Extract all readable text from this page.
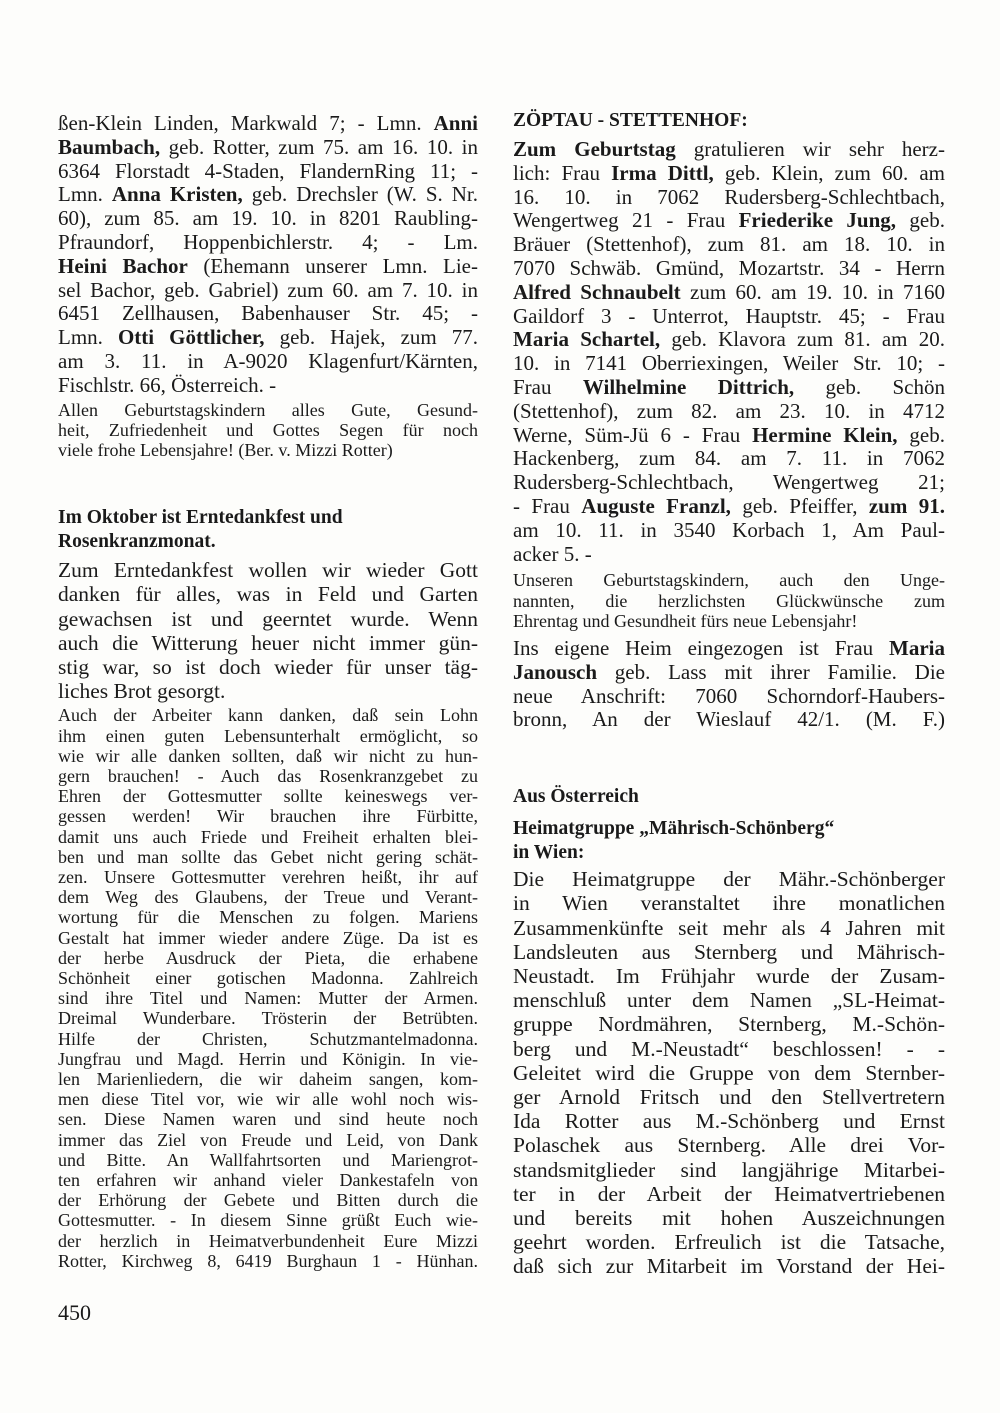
ßen-Klein Linden, Markwald 7; - Lmn. Anni
Baumbach, geb. Rotter, zum 75. am 16. 10. in
6364 Florstadt 4-Staden, FlandernRing 11; -
Lmn. Anna Kristen, geb. Drechsler (W. S. Nr.
60), zum 85. am 19. 10. in 8201 Raubling-
Pfraundorf, Hoppenbichlerstr. 4; - Lm.
Heini Bachor (Ehemann unserer Lmn. Lie-
sel Bachor, geb. Gabriel) zum 60. am 7. 10. in
6451 Zellhausen, Babenhauser Str. 45; -
Lmn. Otti Göttlicher, geb. Hajek, zum 77.
am 3. 11. in A-9020 Klagenfurt/Kärnten,
Fischlstr. 66, Österreich. -
Allen Geburtstagskindern alles Gute, Gesund-
heit, Zufriedenheit und Gottes Segen für noch
viele frohe Lebensjahre! (Ber. v. Mizzi Rotter)
Im Oktober ist Erntedankfest und
Rosenkranzmonat.
Zum Erntedankfest wollen wir wieder Gott
danken für alles, was in Feld und Garten
gewachsen ist und geerntet wurde. Wenn
auch die Witterung heuer nicht immer gün-
stig war, so ist doch wieder für unser täg-
liches Brot gesorgt.
Auch der Arbeiter kann danken, daß sein Lohn
ihm einen guten Lebensunterhalt ermöglicht, so
wie wir alle danken sollten, daß wir nicht zu hun-
gern brauchen! - Auch das Rosenkranzgebet zu
Ehren der Gottesmutter sollte keineswegs ver-
gessen werden! Wir brauchen ihre Fürbitte,
damit uns auch Friede und Freiheit erhalten blei-
ben und man sollte das Gebet nicht gering schät-
zen. Unsere Gottesmutter verehren heißt, ihr auf
dem Weg des Glaubens, der Treue und Verant-
wortung für die Menschen zu folgen. Mariens
Gestalt hat immer wieder andere Züge. Da ist es
der herbe Ausdruck der Pieta, die erhabene
Schönheit einer gotischen Madonna. Zahlreich
sind ihre Titel und Namen: Mutter der Armen.
Dreimal Wunderbare. Trösterin der Betrübten.
Hilfe der Christen, Schutzmantelmadonna.
Jungfrau und Magd. Herrin und Königin. In vie-
len Marienliedern, die wir daheim sangen, kom-
men diese Titel vor, wie wir alle wohl noch wis-
sen. Diese Namen waren und sind heute noch
immer das Ziel von Freude und Leid, von Dank
und Bitte. An Wallfahrtsorten und Mariengrot-
ten erfahren wir anhand vieler Dankestafeln von
der Erhörung der Gebete und Bitten durch die
Gottesmutter. - In diesem Sinne grüßt Euch wie-
der herzlich in Heimatverbundenheit Eure Mizzi
Rotter, Kirchweg 8, 6419 Burghaun 1 - Hünhan.
ZÖPTAU - STETTENHOF:
Zum Geburtstag gratulieren wir sehr herz-
lich: Frau Irma Dittl, geb. Klein, zum 60. am
16. 10. in 7062 Rudersberg-Schlechtbach,
Wengertweg 21 - Frau Friederike Jung, geb.
Bräuer (Stettenhof), zum 81. am 18. 10. in
7070 Schwäb. Gmünd, Mozartstr. 34 - Herrn
Alfred Schnaubelt zum 60. am 19. 10. in 7160
Gaildorf 3 - Unterrot, Hauptstr. 45; - Frau
Maria Schartel, geb. Klavora zum 81. am 20.
10. in 7141 Oberriexingen, Weiler Str. 10; -
Frau Wilhelmine Dittrich, geb. Schön
(Stettenhof), zum 82. am 23. 10. in 4712
Werne, Süm-Jü 6 - Frau Hermine Klein, geb.
Hackenberg, zum 84. am 7. 11. in 7062
Rudersberg-Schlechtbach, Wengertweg 21;
- Frau Auguste Franzl, geb. Pfeiffer, zum 91.
am 10. 11. in 3540 Korbach 1, Am Paul-
acker 5. -
Unseren Geburtstagskindern, auch den Unge-
nannten, die herzlichsten Glückwünsche zum
Ehrentag und Gesundheit fürs neue Lebensjahr!
Ins eigene Heim eingezogen ist Frau Maria
Janousch geb. Lass mit ihrer Familie. Die
neue Anschrift: 7060 Schorndorf-Haubers-
bronn, An der Wieslauf 42/1. (M. F.)
Aus Österreich
Heimatgruppe „Mährisch-Schönberg“
in Wien:
Die Heimatgruppe der Mähr.-Schönberger
in Wien veranstaltet ihre monatlichen
Zusammenkünfte seit mehr als 4 Jahren mit
Landsleuten aus Sternberg und Mährisch-
Neustadt. Im Frühjahr wurde der Zusam-
menschluß unter dem Namen „SL-Heimat-
gruppe Nordmähren, Sternberg, M.-Schön-
berg und M.-Neustadt“ beschlossen! - -
Geleitet wird die Gruppe von dem Sternber-
ger Arnold Fritsch und den Stellvertretern
Ida Rotter aus M.-Schönberg und Ernst
Polaschek aus Sternberg. Alle drei Vor-
standsmitglieder sind langjährige Mitarbei-
ter in der Arbeit der Heimatvertriebenen
und bereits mit hohen Auszeichnungen
geehrt worden. Erfreulich ist die Tatsache,
daß sich zur Mitarbeit im Vorstand der Hei-
450
